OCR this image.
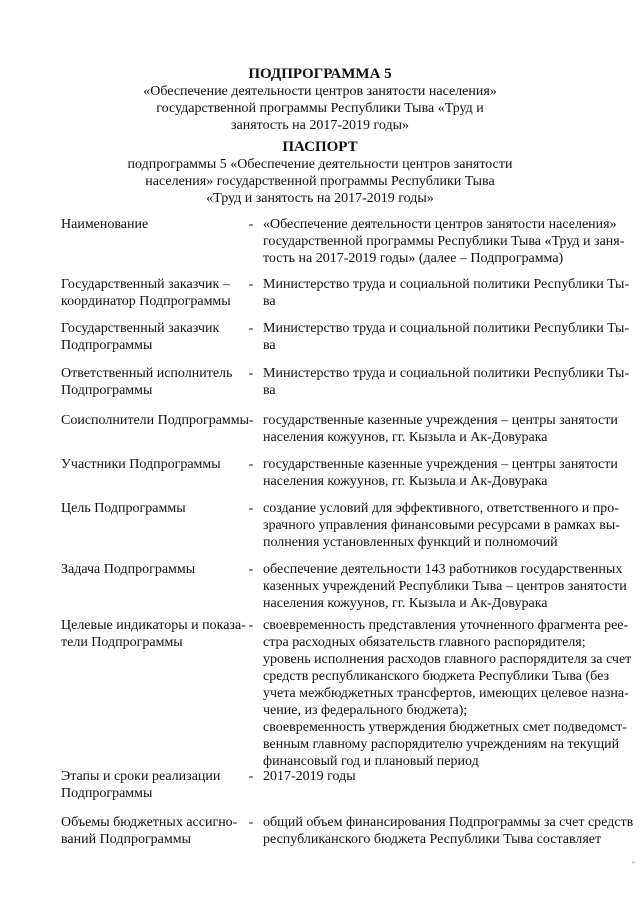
ПОДПРОГРАММА 5
«Обеспечение деятельности центров занятости населения»
государственной программы Республики Тыва «Труд и
занятость на 2017-2019 годы»
ПАСПОРТ
подпрограммы 5 «Обеспечение деятельности центров занятости
населения» государственной программы Республики Тыва
«Труд и занятость на 2017-2019 годы»
Наименование	- «Обеспечение деятельности центров занятости населения»
государственной программы Республики Тыва «Труд и заня-
тость на 2017-2019 годы» (далее – Подпрограмма)
Государственный заказчик –
координатор Подпрограммы
- Министерство труда и социальной политики Республики Ты-
ва
Государственный заказчик
Подпрограммы
- Министерство труда и социальной политики Республики Ты-
ва
Ответственный исполнитель
Подпрограммы
- Министерство труда и социальной политики Республики Ты-
ва
Соисполнители Подпрограммы - государственные казенные учреждения – центры занятости
населения кожуунов, гг. Кызыла и Ак-Довурака
Участники Подпрограммы	- государственные казенные учреждения – центры занятости
населения кожуунов, гг. Кызыла и Ак-Довурака
Цель Подпрограммы	- создание условий для эффективного, ответственного и про-
зрачного управления финансовыми ресурсами в рамках вы-
полнения установленных функций и полномочий
Задача Подпрограммы	- обеспечение деятельности 143 работников государственных
казенных учреждений Республики Тыва – центров занятости
населения кожуунов, гг. Кызыла и Ак-Довурака
Целевые индикаторы и показа-
тели Подпрограммы
- своевременность представления уточненного фрагмента рее-
стра расходных обязательств главного распорядителя;
уровень исполнения расходов главного распорядителя за счет
средств республиканского бюджета Республики Тыва (без
учета межбюджетных трансфертов, имеющих целевое назна-
чение, из федерального бюджета);
своевременность утверждения бюджетных смет подведомст-
венным главному распорядителю учреждениям на текущий
финансовый год и плановый период
Этапы и сроки реализации
Подпрограммы
- 2017-2019 годы
Объемы бюджетных ассигно-
ваний Подпрограммы
- общий объем финансирования Подпрограммы за счет средств
республиканского бюджета Республики Тыва составляет
"
